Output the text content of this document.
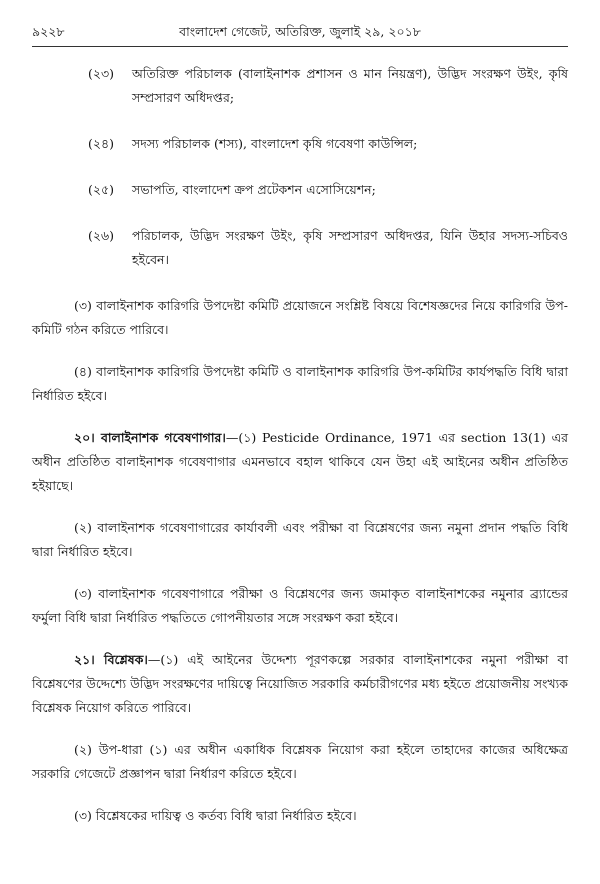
৯২২৮	বাংলাদেশ গেজেট, অতিরিক্ত, জুলাই ২৯, ২০১৮
(২৩)	অতিরিক্ত পরিচালক (বালাইনাশক প্রশাসন ও মান নিয়ন্ত্রণ), উদ্ভিদ সংরক্ষণ উইং, কৃষি সম্প্রসারণ অধিদপ্তর;
(২৪)	সদস্য পরিচালক (শস্য), বাংলাদেশ কৃষি গবেষণা কাউন্সিল;
(২৫)	সভাপতি, বাংলাদেশ ক্রপ প্রটেকশন এসোসিয়েশন;
(২৬)	পরিচালক, উদ্ভিদ সংরক্ষণ উইং, কৃষি সম্প্রসারণ অধিদপ্তর, যিনি উহার সদস্য-সচিবও হইবেন।

(৩) বালাইনাশক কারিগরি উপদেষ্টা কমিটি প্রয়োজনে সংশ্লিষ্ট বিষয়ে বিশেষজ্ঞদের নিয়ে কারিগরি উপ-কমিটি গঠন করিতে পারিবে।

(৪) বালাইনাশক কারিগরি উপদেষ্টা কমিটি ও বালাইনাশক কারিগরি উপ-কমিটির কার্যপদ্ধতি বিধি দ্বারা নির্ধারিত হইবে।

২০। বালাইনাশক গবেষণাগার।—(১) Pesticide Ordinance, 1971 এর section 13(1) এর অধীন প্রতিষ্ঠিত বালাইনাশক গবেষণাগার এমনভাবে বহাল থাকিবে যেন উহা এই আইনের অধীন প্রতিষ্ঠিত হইয়াছে।

(২) বালাইনাশক গবেষণাগারের কার্যাবলী এবং পরীক্ষা বা বিশ্লেষণের জন্য নমুনা প্রদান পদ্ধতি বিধি দ্বারা নির্ধারিত হইবে।

(৩) বালাইনাশক গবেষণাগারে পরীক্ষা ও বিশ্লেষণের জন্য জমাকৃত বালাইনাশকের নমুনার ব্র্যান্ডের ফর্মুলা বিধি দ্বারা নির্ধারিত পদ্ধতিতে গোপনীয়তার সঙ্গে সংরক্ষণ করা হইবে।

২১। বিশ্লেষক।—(১) এই আইনের উদ্দেশ্য পূরণকল্পে সরকার বালাইনাশকের নমুনা পরীক্ষা বা বিশ্লেষণের উদ্দেশ্যে উদ্ভিদ সংরক্ষণের দায়িত্বে নিয়োজিত সরকারি কর্মচারীগণের মধ্য হইতে প্রয়োজনীয় সংখ্যক বিশ্লেষক নিয়োগ করিতে পারিবে।

(২) উপ-ধারা (১) এর অধীন একাধিক বিশ্লেষক নিয়োগ করা হইলে তাহাদের কাজের অধিক্ষেত্র সরকারি গেজেটে প্রজ্ঞাপন দ্বারা নির্ধারণ করিতে হইবে।

(৩) বিশ্লেষকের দায়িত্ব ও কর্তব্য বিধি দ্বারা নির্ধারিত হইবে।
